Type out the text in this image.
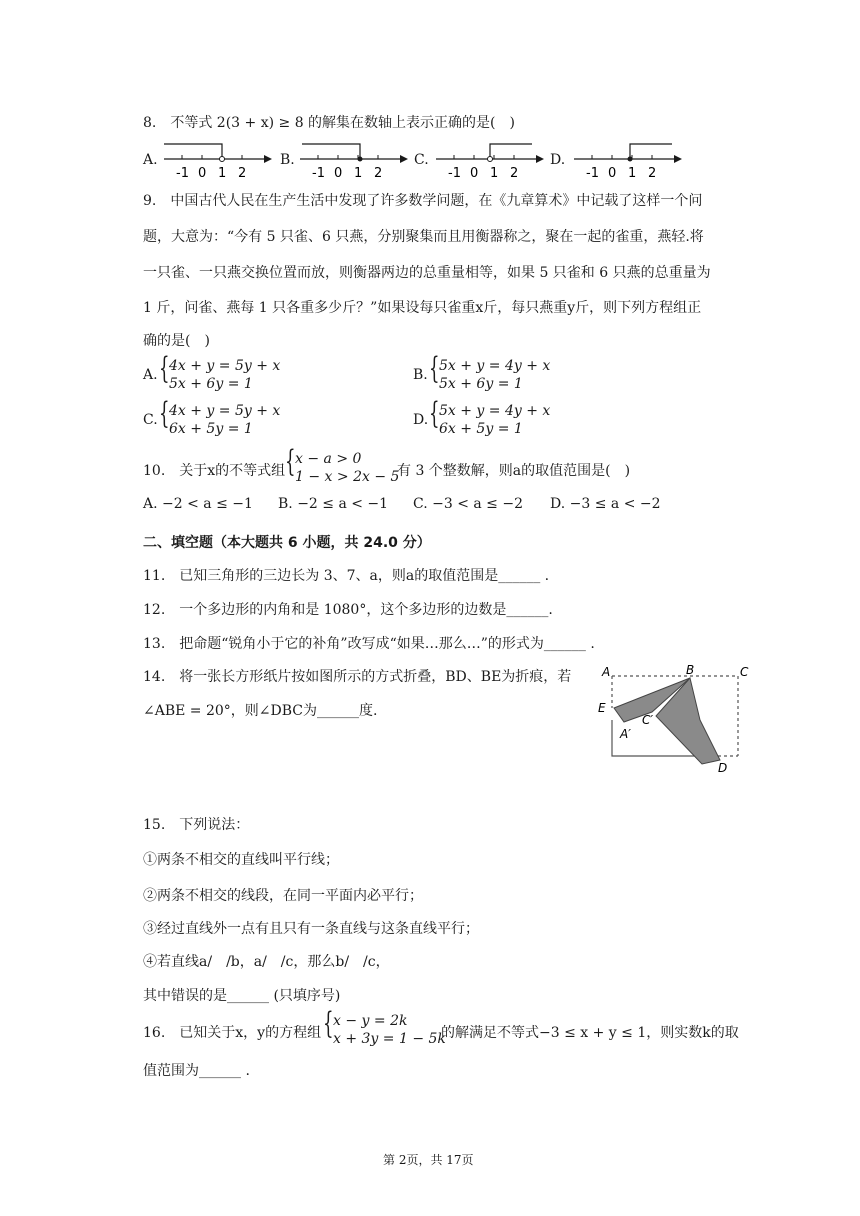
8.　不等式 2(3 + x) ≥ 8 的解集在数轴上表示正确的是(　)
A.
-1 0 1 2
B.
-1 0 1 2
C.
-1 0 1 2
D.
-1 0 1 2
9.　中国古代人民在生产生活中发现了许多数学问题，在《九章算术》中记载了这样一个问
题，大意为：“今有 5 只雀、6 只燕，分别聚集而且用衡器称之，聚在一起的雀重，燕轻.将
一只雀、一只燕交换位置而放，则衡器两边的总重量相等，如果 5 只雀和 6 只燕的总重量为
1 斤，问雀、燕每 1 只各重多少斤？”如果设每只雀重x斤，每只燕重y斤，则下列方程组正
确的是(　)
A. { 4x + y = 5y + x
5x + 6y = 1
B. { 5x + y = 4y + x
5x + 6y = 1
C. { 4x + y = 5y + x
6x + 5y = 1
D. { 5x + y = 4y + x
6x + 5y = 1
10.　关于x的不等式组 { x − a > 0
1 − x > 2x − 5
有 3 个整数解，则a的取值范围是(　)
A. −2 < a ≤ −1 B. −2 ≤ a < −1 C. −3 < a ≤ −2 D. −3 ≤ a < −2
二、填空题（本大题共 6 小题，共 24.0 分）
11.　已知三角形的三边长为 3、7、a，则a的取值范围是______ .
12.　一个多边形的内角和是 1080°，这个多边形的边数是______.
13.　把命题“锐角小于它的补角”改写成“如果…那么…”的形式为______ .
14.　将一张长方形纸片按如图所示的方式折叠，BD、BE为折痕，若
∠ABE = 20°，则∠DBC为______度.
A	B	C
E
C′
A′
D
15.　下列说法：
①两条不相交的直线叫平行线；
②两条不相交的线段，在同一平面内必平行；
③经过直线外一点有且只有一条直线与这条直线平行；
④若直线a/　/b，a/　/c，那么b/　/c，
其中错误的是______ (只填序号)
16.　已知关于x，y的方程组 { x − y = 2k
x + 3y = 1 − 5k
的解满足不等式−3 ≤ x + y ≤ 1，则实数k的取
值范围为______ .
第 2页，共 17页
